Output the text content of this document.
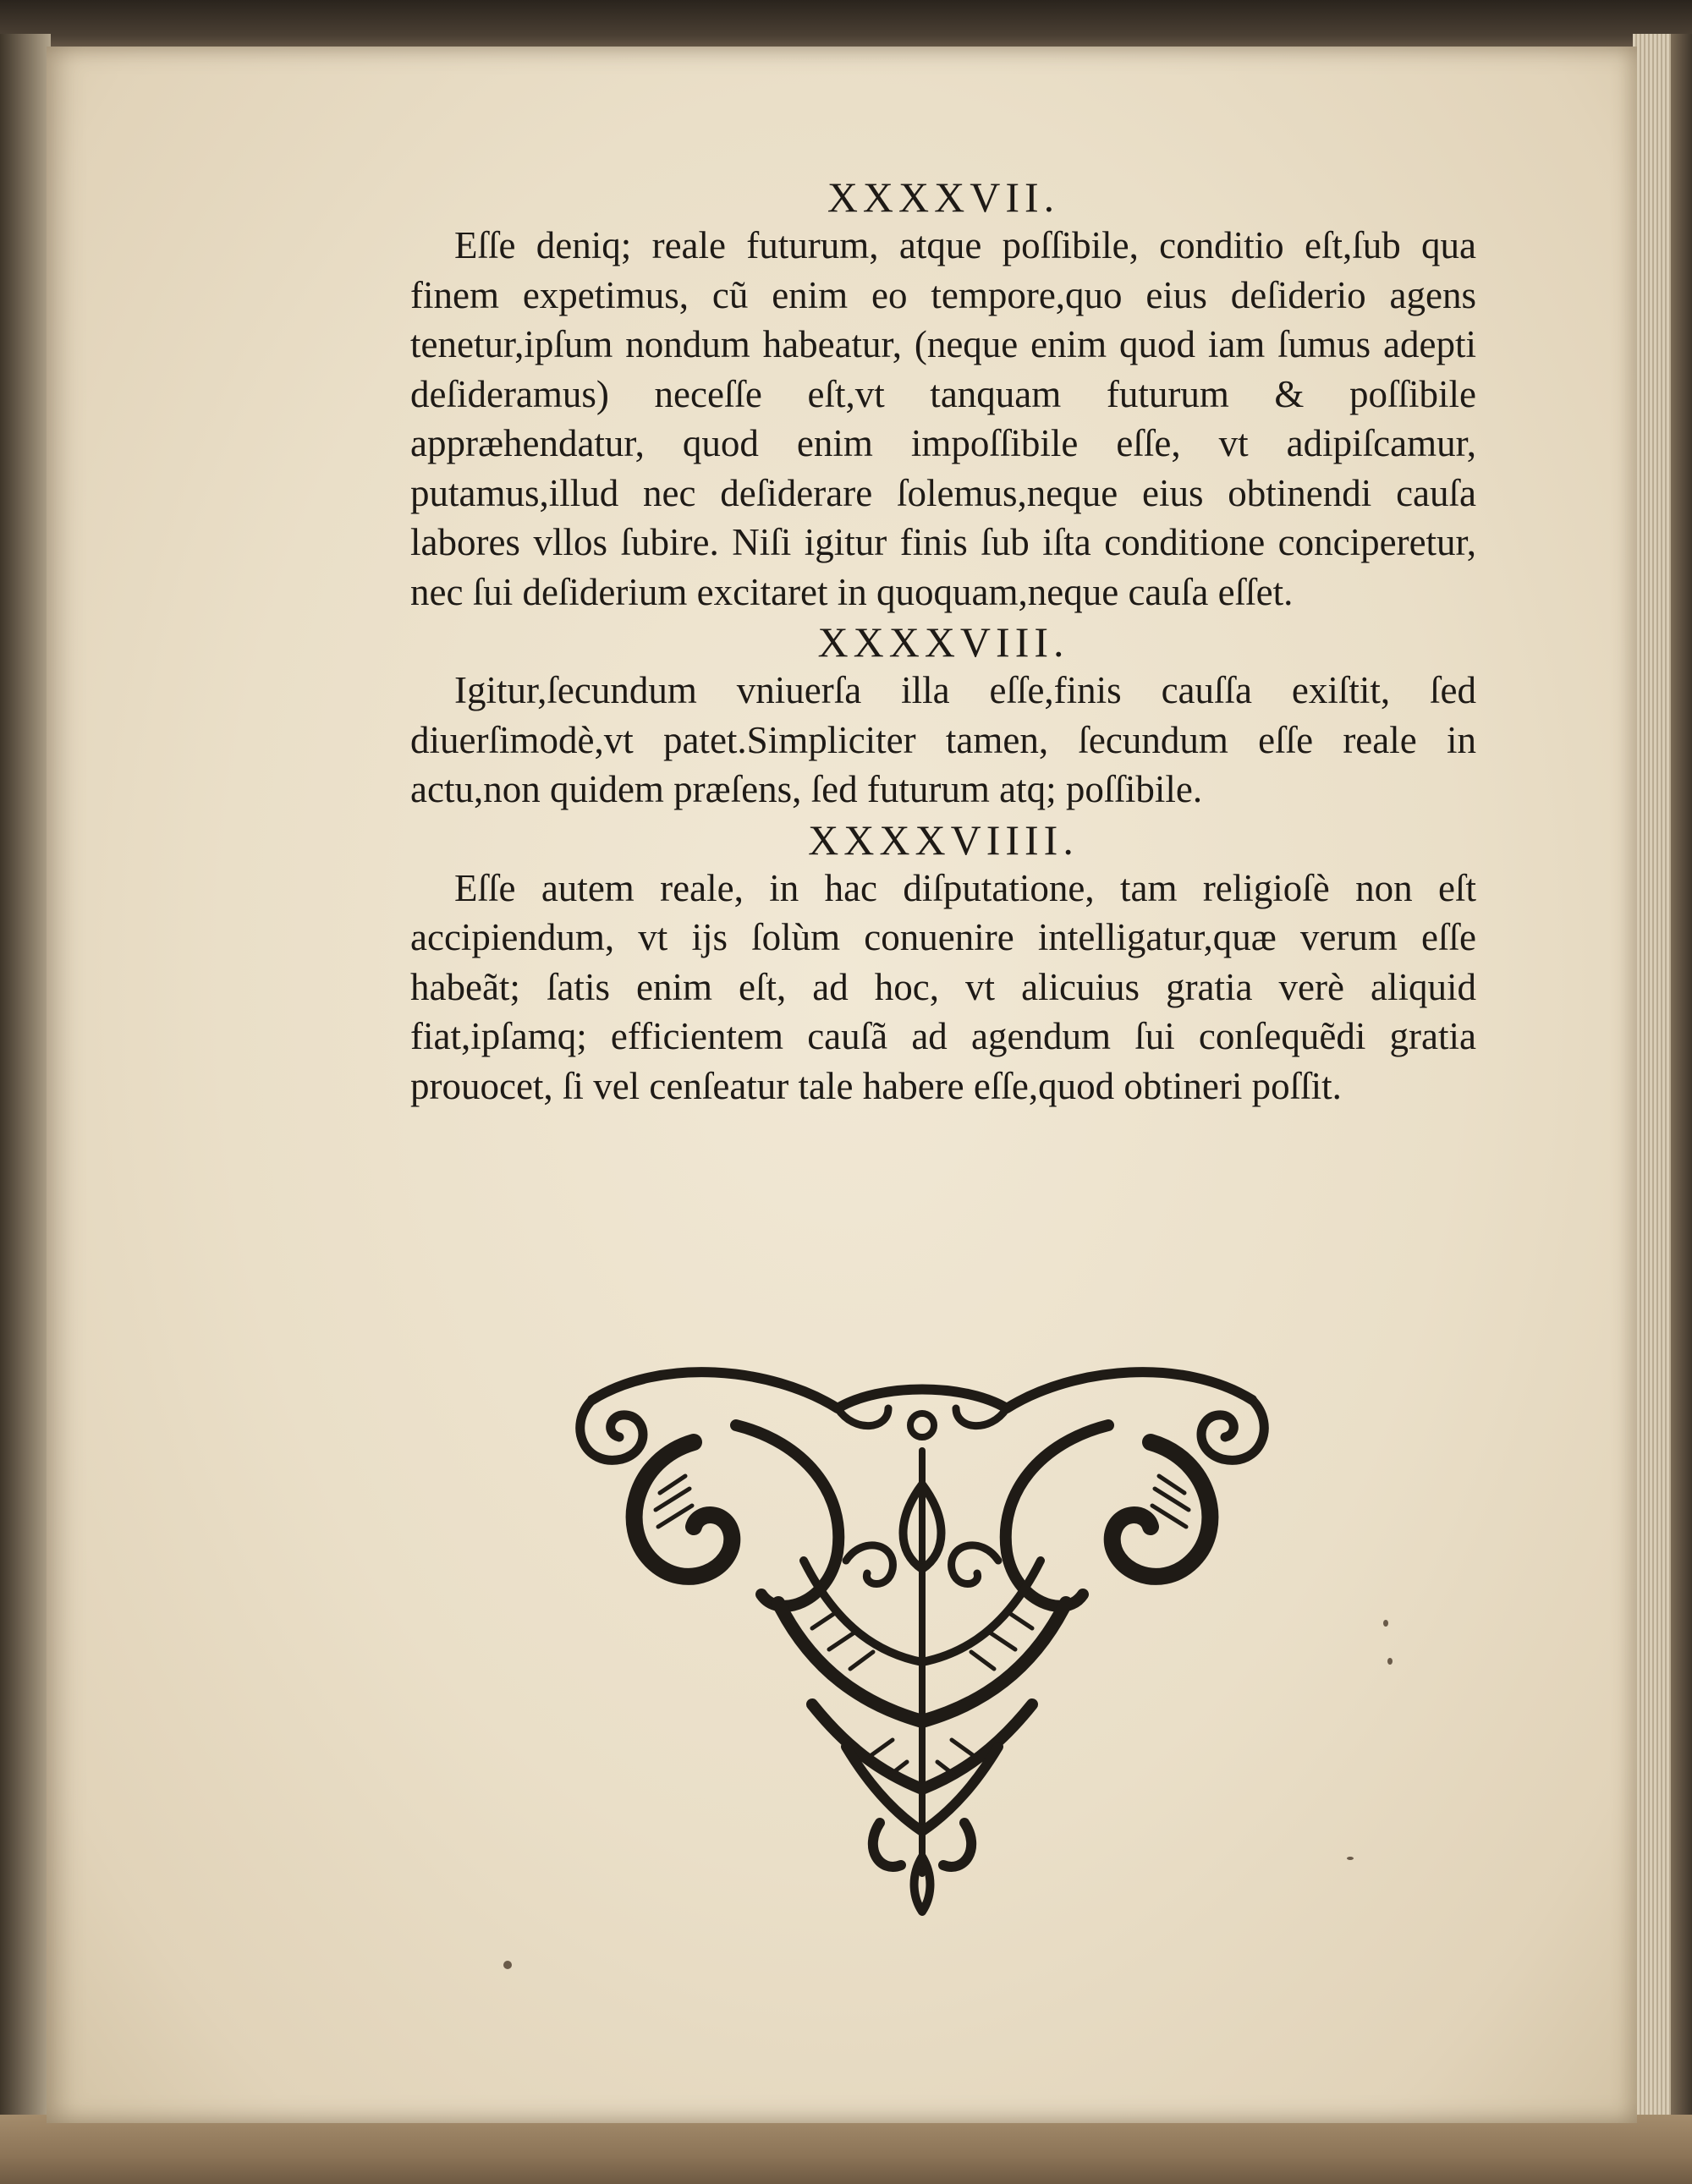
XXXXVII.

Eſſe deniq; reale futurum, atque poſſibile, conditio eſt,ſub qua finem expetimus, cũ enim eo tempore,quo eius deſiderio agens tenetur,ipſum nondum habeatur, (neque enim quod iam ſumus adepti deſideramus) neceſſe eſt,vt tanquam futurum & poſſibile appræhendatur, quod enim impoſſibile eſſe, vt adipiſcamur, putamus,illud nec deſiderare ſolemus,neque eius obtinendi cauſa labores vllos ſubire. Niſi igitur finis ſub iſta conditione conciperetur, nec ſui deſiderium excitaret in quoquam,neque cauſa eſſet.

XXXXVIII.

Igitur,ſecundum vniuerſa illa eſſe,finis cauſſa exiſtit, ſed diuerſimodè,vt patet.Simpliciter tamen, ſecundum eſſe reale in actu,non quidem præſens, ſed futurum atq; poſſibile.

XXXXVIIII.

Eſſe autem reale, in hac diſputatione, tam religioſè non eſt accipiendum, vt ijs ſolùm conuenire intelligatur,quæ verum eſſe habeãt; ſatis enim eſt, ad hoc, vt alicuius gratia verè aliquid fiat,ipſamq; efficientem cauſã ad agendum ſui conſequẽdi gratia prouocet, ſi vel cenſeatur tale habere eſſe,quod obtineri poſſit.
